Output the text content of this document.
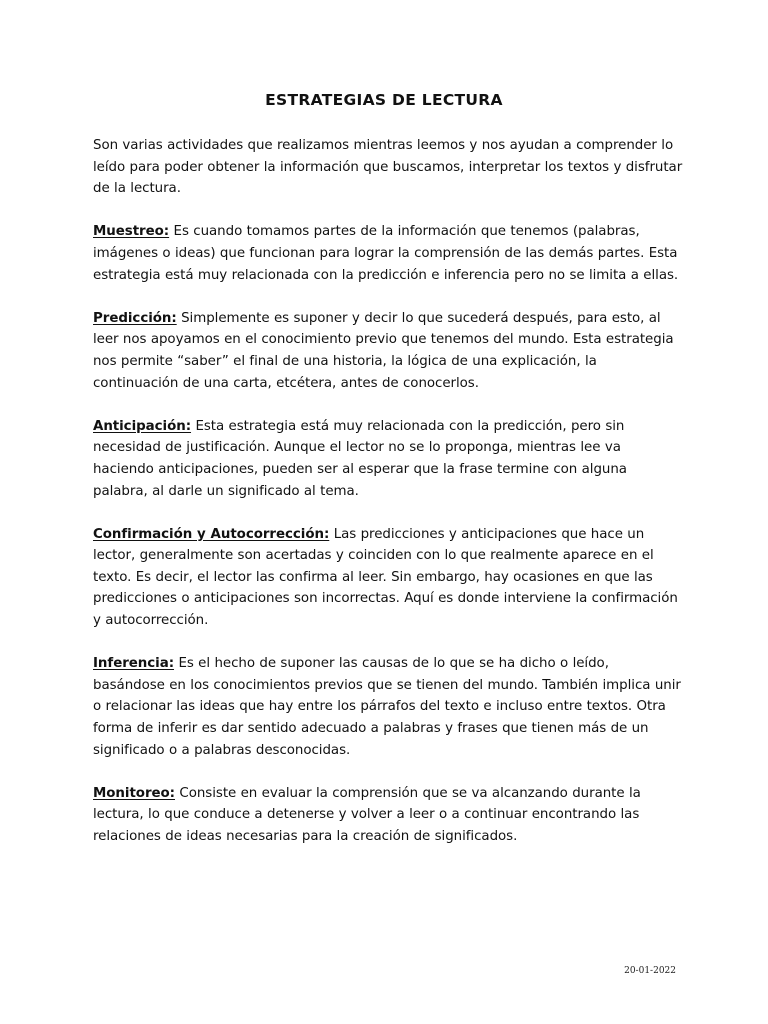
ESTRATEGIAS DE LECTURA

Son varias actividades que realizamos mientras leemos y nos ayudan a comprender lo leído para poder obtener la información que buscamos, interpretar los textos y disfrutar de la lectura.

Muestreo: Es cuando tomamos partes de la información que tenemos (palabras, imágenes o ideas) que funcionan para lograr la comprensión de las demás partes. Esta estrategia está muy relacionada con la predicción e inferencia pero no se limita a ellas.

Predicción: Simplemente es suponer y decir lo que sucederá después, para esto, al leer nos apoyamos en el conocimiento previo que tenemos del mundo. Esta estrategia nos permite “saber” el final de una historia, la lógica de una explicación, la continuación de una carta, etcétera, antes de conocerlos.

Anticipación: Esta estrategia está muy relacionada con la predicción, pero sin necesidad de justificación. Aunque el lector no se lo proponga, mientras lee va haciendo anticipaciones, pueden ser al esperar que la frase termine con alguna palabra, al darle un significado al tema.

Confirmación y Autocorrección: Las predicciones y anticipaciones que hace un lector, generalmente son acertadas y coinciden con lo que realmente aparece en el texto. Es decir, el lector las confirma al leer. Sin embargo, hay ocasiones en que las predicciones o anticipaciones son incorrectas. Aquí es donde interviene la confirmación y autocorrección.

Inferencia: Es el hecho de suponer las causas de lo que se ha dicho o leído, basándose en los conocimientos previos que se tienen del mundo. También implica unir o relacionar las ideas que hay entre los párrafos del texto e incluso entre textos. Otra forma de inferir es dar sentido adecuado a palabras y frases que tienen más de un significado o a palabras desconocidas.

Monitoreo: Consiste en evaluar la comprensión que se va alcanzando durante la lectura, lo que conduce a detenerse y volver a leer o a continuar encontrando las relaciones de ideas necesarias para la creación de significados.

20-01-2022
